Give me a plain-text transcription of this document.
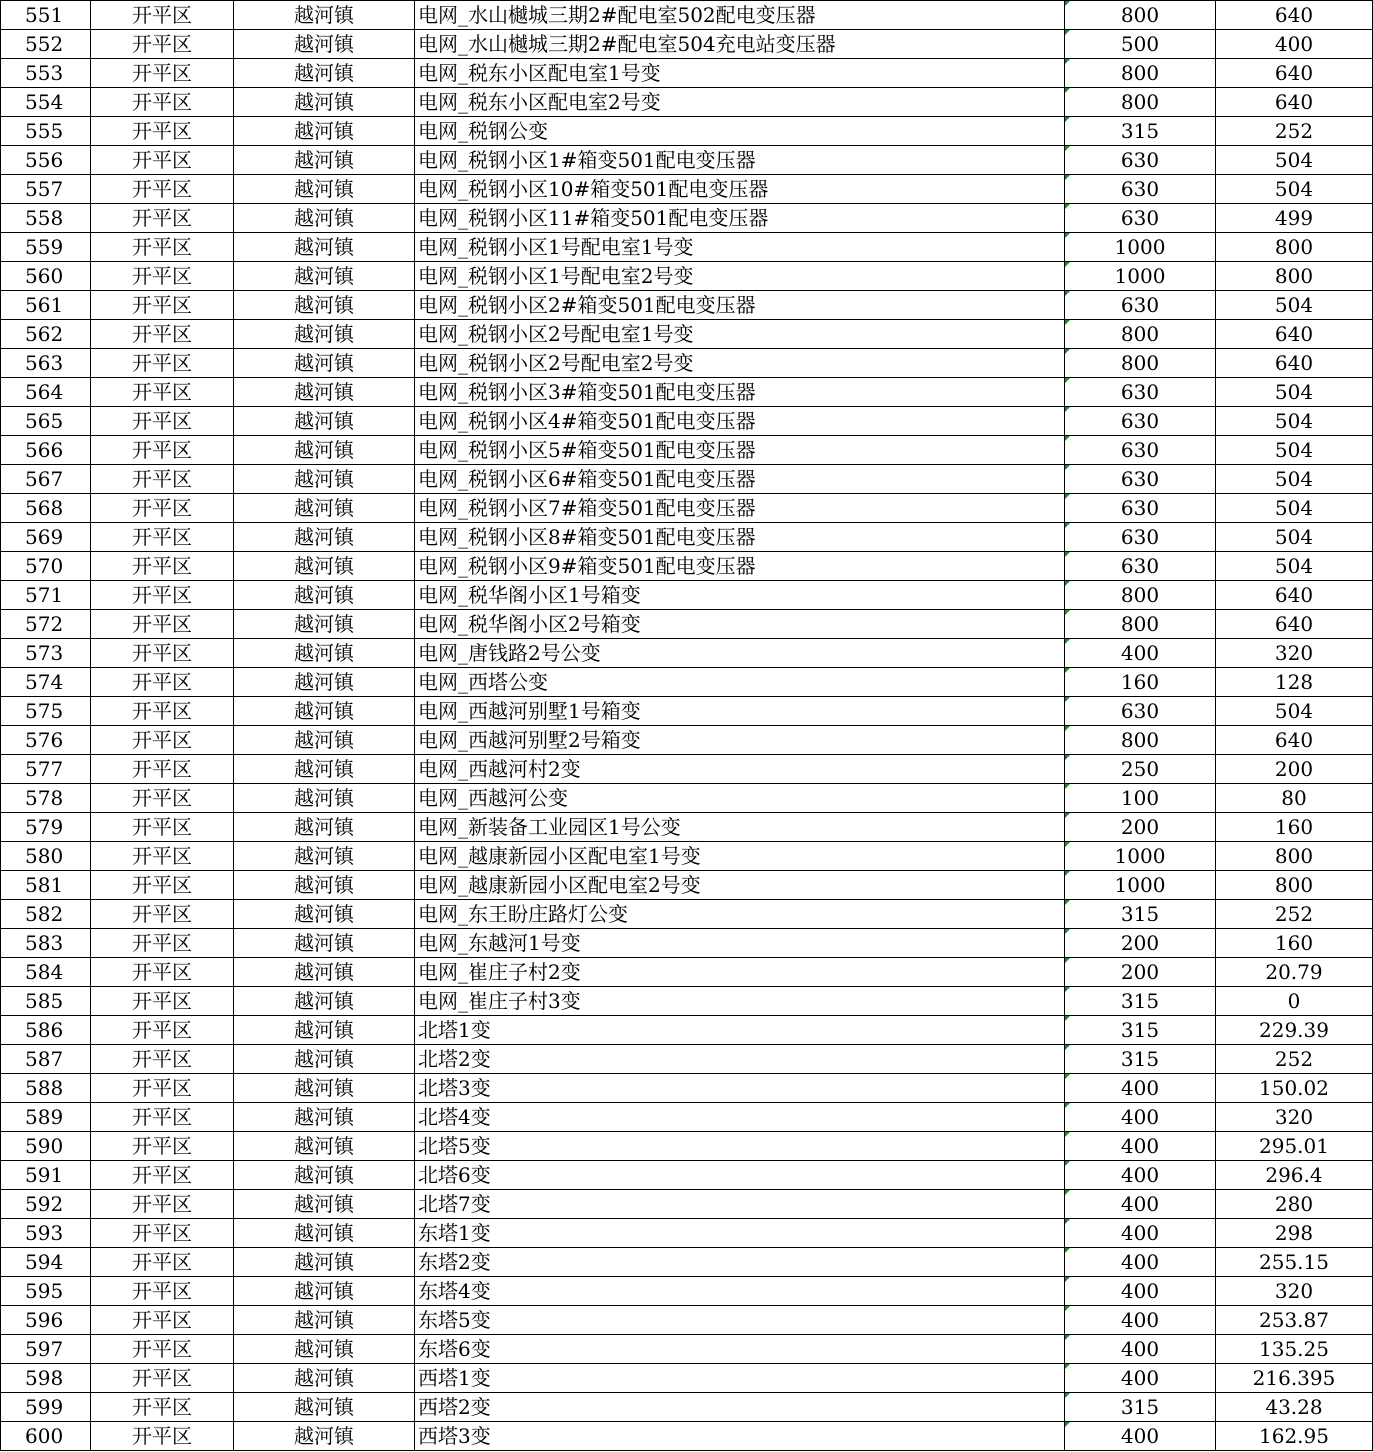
551	开平区	越河镇	电网_水山樾城三期2#配电室502配电变压器	800	640
552	开平区	越河镇	电网_水山樾城三期2#配电室504充电站变压器	500	400
553	开平区	越河镇	电网_税东小区配电室1号变	800	640
554	开平区	越河镇	电网_税东小区配电室2号变	800	640
555	开平区	越河镇	电网_税钢公变	315	252
556	开平区	越河镇	电网_税钢小区1#箱变501配电变压器	630	504
557	开平区	越河镇	电网_税钢小区10#箱变501配电变压器	630	504
558	开平区	越河镇	电网_税钢小区11#箱变501配电变压器	630	499
559	开平区	越河镇	电网_税钢小区1号配电室1号变	1000	800
560	开平区	越河镇	电网_税钢小区1号配电室2号变	1000	800
561	开平区	越河镇	电网_税钢小区2#箱变501配电变压器	630	504
562	开平区	越河镇	电网_税钢小区2号配电室1号变	800	640
563	开平区	越河镇	电网_税钢小区2号配电室2号变	800	640
564	开平区	越河镇	电网_税钢小区3#箱变501配电变压器	630	504
565	开平区	越河镇	电网_税钢小区4#箱变501配电变压器	630	504
566	开平区	越河镇	电网_税钢小区5#箱变501配电变压器	630	504
567	开平区	越河镇	电网_税钢小区6#箱变501配电变压器	630	504
568	开平区	越河镇	电网_税钢小区7#箱变501配电变压器	630	504
569	开平区	越河镇	电网_税钢小区8#箱变501配电变压器	630	504
570	开平区	越河镇	电网_税钢小区9#箱变501配电变压器	630	504
571	开平区	越河镇	电网_税华阁小区1号箱变	800	640
572	开平区	越河镇	电网_税华阁小区2号箱变	800	640
573	开平区	越河镇	电网_唐钱路2号公变	400	320
574	开平区	越河镇	电网_西塔公变	160	128
575	开平区	越河镇	电网_西越河别墅1号箱变	630	504
576	开平区	越河镇	电网_西越河别墅2号箱变	800	640
577	开平区	越河镇	电网_西越河村2变	250	200
578	开平区	越河镇	电网_西越河公变	100	80
579	开平区	越河镇	电网_新装备工业园区1号公变	200	160
580	开平区	越河镇	电网_越康新园小区配电室1号变	1000	800
581	开平区	越河镇	电网_越康新园小区配电室2号变	1000	800
582	开平区	越河镇	电网_东王盼庄路灯公变	315	252
583	开平区	越河镇	电网_东越河1号变	200	160
584	开平区	越河镇	电网_崔庄子村2变	200	20.79
585	开平区	越河镇	电网_崔庄子村3变	315	0
586	开平区	越河镇	北塔1变	315	229.39
587	开平区	越河镇	北塔2变	315	252
588	开平区	越河镇	北塔3变	400	150.02
589	开平区	越河镇	北塔4变	400	320
590	开平区	越河镇	北塔5变	400	295.01
591	开平区	越河镇	北塔6变	400	296.4
592	开平区	越河镇	北塔7变	400	280
593	开平区	越河镇	东塔1变	400	298
594	开平区	越河镇	东塔2变	400	255.15
595	开平区	越河镇	东塔4变	400	320
596	开平区	越河镇	东塔5变	400	253.87
597	开平区	越河镇	东塔6变	400	135.25
598	开平区	越河镇	西塔1变	400	216.395
599	开平区	越河镇	西塔2变	315	43.28
600	开平区	越河镇	西塔3变	400	162.95
